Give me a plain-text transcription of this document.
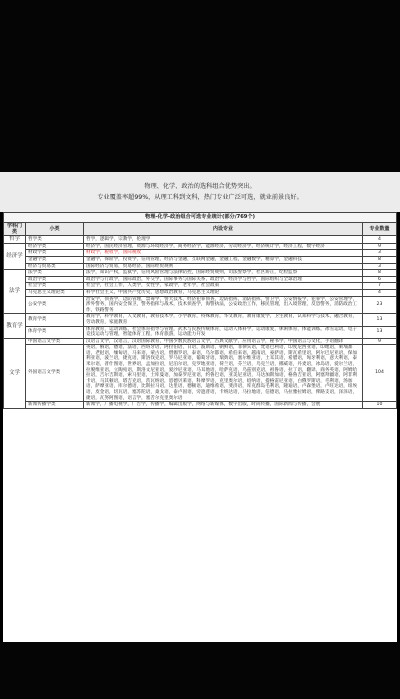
物理、化学、政治的选科组合优势突出。
专业覆盖率超99%，从理工科到文科，热门专业广泛可选，就业前景良好。
物理-化学-政治组合可选专业统计(部分/769个)			
学科门类	小类	内设专业	专业数量
哲学	哲学类	哲学，逻辑学，宗教学，伦理学	4
经济学	经济学类	经济学，国民经济管理，资源与环境经济学，商务经济学，能源经济，劳动经济学，经济统计学，经济工程，数字经济	9
	财政学类	财政学，税收学，国际税收	3
	金融学类	金融学，保险学，投资学，信用管理，经济与金融，互联网金融，金融工程，金融数学，精算学，金融科技	8
	经济与贸易类	国际经济与贸易，贸易经济，国际经贸规则	3
法学	法学类	法学，知识产权，监狱学，信用风险管理与法律防控，国际经贸规则，司法警察学，社区矫正，纪检监察	8
	政治学类	政治学与行政学，国际政治，外交学，国际事务与国际关系，政治学、经济学与哲学，国际组织与全球治理	6
	社会学类	社会学，社会工作，人类学，女性学，家政学，老年学，社会政策	7
	马克思主义理论类	科学社会主义，中国共产党历史，思想政治教育，马克思主义理论	4
	公安学类	治安学，侦查学，边防管理，禁毒学，警犬技术，经济犯罪侦查，边防指挥，消防指挥，警卫学，公安情报学，犯罪学，公安管理学，涉外警务，国内安全保卫，警务指挥与战术，技术侦查学，海警执法，公安政治工作，移民管理，出入境管理，反恐警务，消防政治工作，铁路警务	23
教育学	教育学类	教育学，科学教育，人文教育，教育技术学，小学教育，特殊教育，华文教育，教育康复学，卫生教育，认知科学与技术，融合教育，劳动教育，家庭教育	13
	体育学类	体育教育，运动训练，社会体育指导与管理，武术与民族传统体育，运动人体科学，运动康复，休闲体育，体能训练，冰雪运动，电子竞技运动与管理，智能体育工程，体育旅游，运动能力开发	13
文学	中国语言文学类	汉语言文学，汉语言，汉语国际教育，中国少数民族语言文学，古典文献学，应用语言学，秘书学，中国语言与文化，手语翻译	9
	外国语言文学类	英语，俄语，德语，法语，西班牙语，阿拉伯语，日语，波斯语，朝鲜语，菲律宾语，梵语巴利语，印度尼西亚语，印地语，柬埔寨语，老挝语，缅甸语，马来语，蒙古语，僧伽罗语，泰语，乌尔都语，希伯来语，越南语，豪萨语，斯瓦希里语，阿尔巴尼亚语，保加利亚语，波兰语，捷克语，斯洛伐克语，罗马尼亚语，葡萄牙语，瑞典语，塞尔维亚语，土耳其语，希腊语，匈牙利语，意大利语，泰米尔语，普什图语，世界语，孟加拉语，尼泊尔语，克罗地亚语，荷兰语，芬兰语，乌克兰语，挪威语，丹麦语，冰岛语，爱尔兰语，拉脱维亚语，立陶宛语，斯洛文尼亚语，爱沙尼亚语，马耳他语，哈萨克语，乌兹别克语，祖鲁语，拉丁语，翻译，商务英语，阿姆哈拉语，吉尔吉斯语，索马里语，土库曼语，加泰罗尼亚语，约鲁巴语，亚美尼亚语，马达加斯加语，格鲁吉亚语，阿塞拜疆语，阿非利卡语，马其顿语，塔吉克语，茨瓦纳语，恩德贝莱语，科摩罗语，克里奥尔语，绍纳语，提格雷尼亚语，白俄罗斯语，毛利语，汤加语，萨摩亚语，库尔德语，比斯拉马语，达里语，德顿语，迪维希语，斐济语，库克群岛毛利语，隆迪语，卢森堡语，卢旺达语，纽埃语，皮金语，切瓦语，塞苏陀语，桑戈语，泰卢固语，旁遮普语，卡纳达语，马拉地语，信德语，马拉雅拉姆语，俾路支语，泽泽语，捷语，瓦努阿图语，语言学，塞舌尔克里奥尔语	104
	新闻传播学类	新闻学，广播电视学，广告学，传播学，编辑出版学，网络与新媒体，数字出版，时尚传播，国际新闻与传播，会展	10
